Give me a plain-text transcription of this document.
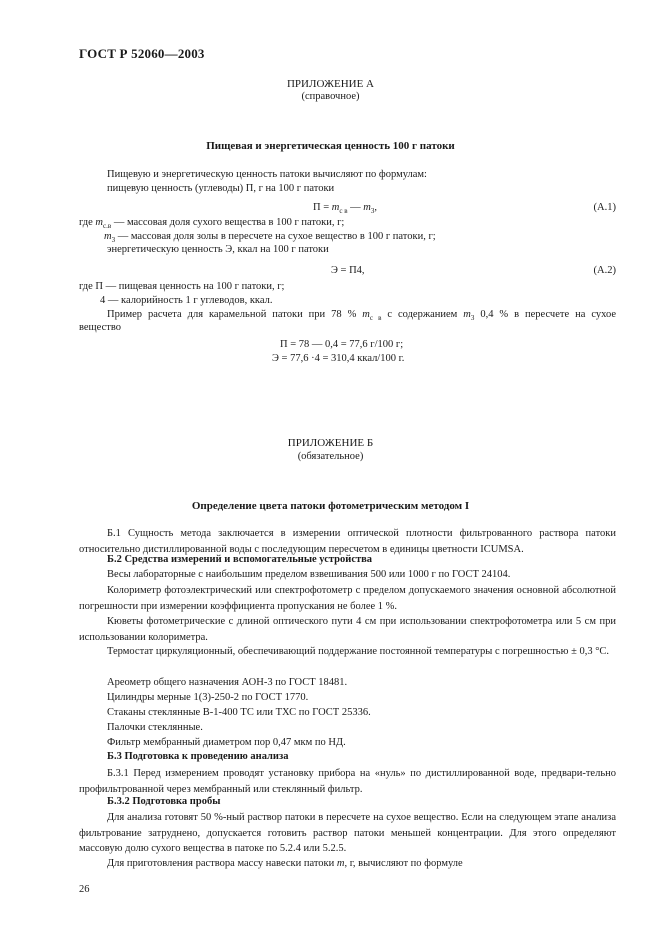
ГОСТ Р 52060—2003
ПРИЛОЖЕНИЕ А
(справочное)
Пищевая и энергетическая ценность 100 г патоки
Пищевую и энергетическую ценность патоки вычисляют по формулам:
пищевую ценность (углеводы) П, г на 100 г патоки
$П = m_{с в}$ — $m_3$,	(А.1)
где $m_{с.в}$ — массовая доля сухого вещества в 100 г патоки, г;
$m_3$ — массовая доля золы в пересчете на сухое вещество в 100 г патоки, г;
энергетическую ценность Э, ккал на 100 г патоки
Э = П4,	(А.2)
где П — пищевая ценность на 100 г патоки, г;
4 — калорийность 1 г углеводов, ккал.
Пример расчета для карамельной патоки при 78 % $m_{с в}$ с содержанием $m_3$ 0,4 % в пересчете на сухое
вещество
П = 78 — 0,4 = 77,6 г/100 г;
Э = 77,6 ·4 = 310,4 ккал/100 г.
ПРИЛОЖЕНИЕ Б
(обязательное)
Определение цвета патоки фотометрическим методом I
Б.1 Сущность метода заключается в измерении оптической плотности фильтрованного раствора патоки относительно дистиллированной воды с последующим пересчетом в единицы цветности ICUMSA.
Б.2 Средства измерений и вспомогательные устройства
Весы лабораторные с наибольшим пределом взвешивания 500 или 1000 г по ГОСТ 24104.
Колориметр фотоэлектрический или спектрофотометр с пределом допускаемого значения основной абсолютной погрешности при измерении коэффициента пропускания не более 1 %.
Кюветы фотометрические с длиной оптического пути 4 см при использовании спектрофотометра или 5 см при использовании колориметра.
Термостат циркуляционный, обеспечивающий поддержание постоянной температуры с погрешностью ± 0,3 °С.
Ареометр общего назначения АОН-3 по ГОСТ 18481.
Цилиндры мерные 1(3)-250-2 по ГОСТ 1770.
Стаканы стеклянные В-1-400 ТС или ТХС по ГОСТ 25336.
Палочки стеклянные.
Фильтр мембранный диаметром пор 0,47 мкм по НД.
Б.3 Подготовка к проведению анализа
Б.3.1 Перед измерением проводят установку прибора на «нуль» по дистиллированной воде, предвари-тельно профильтрованной через мембранный или стеклянный фильтр.
Б.3.2 Подготовка пробы
Для анализа готовят 50 %-ный раствор патоки в пересчете на сухое вещество. Если на следующем этапе анализа фильтрование затруднено, допускается готовить раствор патоки меньшей концентрации. Для этого определяют массовую долю сухого вещества в патоке по 5.2.4 или 5.2.5.
Для приготовления раствора массу навески патоки m, г, вычисляют по формуле
26
